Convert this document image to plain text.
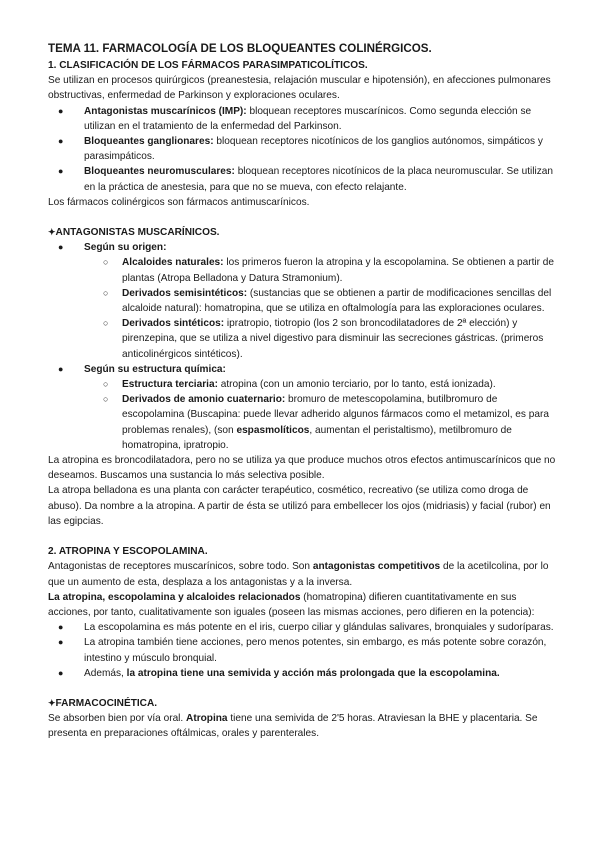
TEMA 11. FARMACOLOGÍA DE LOS BLOQUEANTES COLINÉRGICOS.
1. CLASIFICACIÓN DE LOS FÁRMACOS PARASIMPATICOLÍTICOS.
Se utilizan en procesos quirúrgicos (preanestesia, relajación muscular e hipotensión), en afecciones pulmonares obstructivas, enfermedad de Parkinson y exploraciones oculares.
● Antagonistas muscarínicos (IMP): bloquean receptores muscarínicos. Como segunda elección se utilizan en el tratamiento de la enfermedad del Parkinson.
● Bloqueantes ganglionares: bloquean receptores nicotínicos de los ganglios autónomos, simpáticos y parasimpáticos.
● Bloqueantes neuromusculares: bloquean receptores nicotínicos de la placa neuromuscular. Se utilizan en la práctica de anestesia, para que no se mueva, con efecto relajante.
Los fármacos colinérgicos son fármacos antimuscarínicos.
✦ANTAGONISTAS MUSCARÍNICOS.
● Según su origen:
○ Alcaloides naturales: los primeros fueron la atropina y la escopolamina. Se obtienen a partir de plantas (Atropa Belladona y Datura Stramonium).
○ Derivados semisintéticos: (sustancias que se obtienen a partir de modificaciones sencillas del alcaloide natural): homatropina, que se utiliza en oftalmología para las exploraciones oculares.
○ Derivados sintéticos: ipratropio, tiotropio (los 2 son broncodilatadores de 2ª elección) y pirenzepina, que se utiliza a nivel digestivo para disminuir las secreciones gástricas. (primeros anticolinérgicos sintéticos).
● Según su estructura química:
○ Estructura terciaria: atropina (con un amonio terciario, por lo tanto, está ionizada).
○ Derivados de amonio cuaternario: bromuro de metescopolamina, butilbromuro de escopolamina (Buscapina: puede llevar adherido algunos fármacos como el metamizol, es para problemas renales), (son espasmolíticos, aumentan el peristaltismo), metilbromuro de homatropina, ipratropio.
La atropina es broncodilatadora, pero no se utiliza ya que produce muchos otros efectos antimuscarínicos que no deseamos. Buscamos una sustancia lo más selectiva posible.
La atropa belladona es una planta con carácter terapéutico, cosmético, recreativo (se utiliza como droga de abuso). Da nombre a la atropina. A partir de ésta se utilizó para embellecer los ojos (midriasis) y facial (rubor) en las egipcias.
2. ATROPINA Y ESCOPOLAMINA.
Antagonistas de receptores muscarínicos, sobre todo. Son antagonistas competitivos de la acetilcolina, por lo que un aumento de esta, desplaza a los antagonistas y a la inversa.
La atropina, escopolamina y alcaloides relacionados (homatropina) difieren cuantitativamente en sus acciones, por tanto, cualitativamente son iguales (poseen las mismas acciones, pero difieren en la potencia):
● La escopolamina es más potente en el iris, cuerpo ciliar y glándulas salivares, bronquiales y sudoríparas.
● La atropina también tiene acciones, pero menos potentes, sin embargo, es más potente sobre corazón, intestino y músculo bronquial.
● Además, la atropina tiene una semivida y acción más prolongada que la escopolamina.
✦FARMACOCINÉTICA.
Se absorben bien por vía oral. Atropina tiene una semivida de 2'5 horas. Atraviesan la BHE y placentaria. Se presenta en preparaciones oftálmicas, orales y parenterales.
